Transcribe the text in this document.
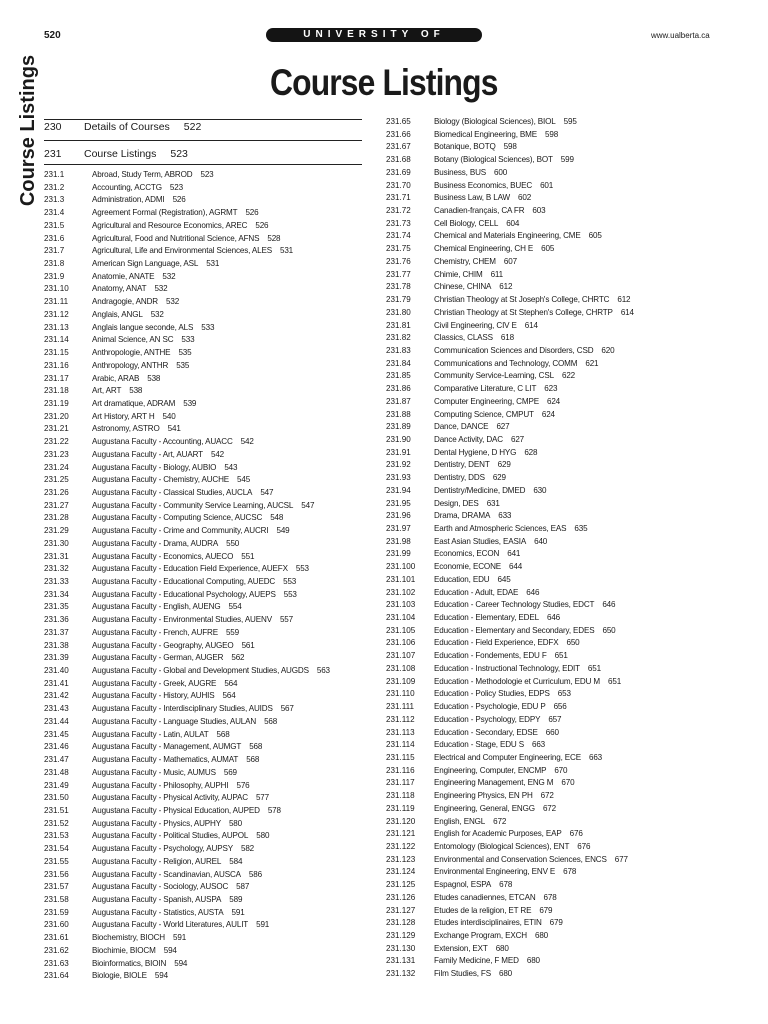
520	UNIVERSITY OF ALBERTA
www.ualberta.ca
Course Listings	Course Listings
230 Details of Courses 522
231 Course Listings 523
231.1	Abroad, Study Term, ABROD 523
231.2	Accounting, ACCTG 523
231.3	Administration, ADMI 526
231.4	Agreement Formal (Registration), AGRMT 526
231.5	Agricultural and Resource Economics, AREC 526
231.6	Agricultural, Food and Nutritional Science, AFNS 528
231.7	Agricultural, Life and Environmental Sciences, ALES 531
231.8	American Sign Language, ASL 531
231.9	Anatomie, ANATE 532
231.10	Anatomy, ANAT 532
231.11	Andragogie, ANDR 532
231.12	Anglais, ANGL 532
231.13	Anglais langue seconde, ALS 533
231.14	Animal Science, AN SC 533
231.15	Anthropologie, ANTHE 535
231.16	Anthropology, ANTHR 535
231.17	Arabic, ARAB 538
231.18	Art, ART 538
231.19	Art dramatique, ADRAM 539
231.20	Art History, ART H 540
231.21	Astronomy, ASTRO 541
231.22	Augustana Faculty - Accounting, AUACC 542
231.23	Augustana Faculty - Art, AUART 542
231.24	Augustana Faculty - Biology, AUBIO 543
231.25	Augustana Faculty - Chemistry, AUCHE 545
231.26	Augustana Faculty - Classical Studies, AUCLA 547
231.27	Augustana Faculty - Community Service Learning, AUCSL 547
231.28	Augustana Faculty - Computing Science, AUCSC 548
231.29	Augustana Faculty - Crime and Community, AUCRI 549
231.30	Augustana Faculty - Drama, AUDRA 550
231.31	Augustana Faculty - Economics, AUECO 551
231.32	Augustana Faculty - Education Field Experience, AUEFX 553
231.33	Augustana Faculty - Educational Computing, AUEDC 553
231.34	Augustana Faculty - Educational Psychology, AUEPS 553
231.35	Augustana Faculty - English, AUENG 554
231.36	Augustana Faculty - Environmental Studies, AUENV 557
231.37	Augustana Faculty - French, AUFRE 559
231.38	Augustana Faculty - Geography, AUGEO 561
231.39	Augustana Faculty - German, AUGER 562
231.40	Augustana Faculty - Global and Development Studies, AUGDS 563
231.41	Augustana Faculty - Greek, AUGRE 564
231.42	Augustana Faculty - History, AUHIS 564
231.43	Augustana Faculty - Interdisciplinary Studies, AUIDS 567
231.44	Augustana Faculty - Language Studies, AULAN 568
231.45	Augustana Faculty - Latin, AULAT 568
231.46	Augustana Faculty - Management, AUMGT 568
231.47	Augustana Faculty - Mathematics, AUMAT 568
231.48	Augustana Faculty - Music, AUMUS 569
231.49	Augustana Faculty - Philosophy, AUPHI 576
231.50	Augustana Faculty - Physical Activity, AUPAC 577
231.51	Augustana Faculty - Physical Education, AUPED 578
231.52	Augustana Faculty - Physics, AUPHY 580
231.53	Augustana Faculty - Political Studies, AUPOL 580
231.54	Augustana Faculty - Psychology, AUPSY 582
231.55	Augustana Faculty - Religion, AUREL 584
231.56	Augustana Faculty - Scandinavian, AUSCA 586
231.57	Augustana Faculty - Sociology, AUSOC 587
231.58	Augustana Faculty - Spanish, AUSPA 589
231.59	Augustana Faculty - Statistics, AUSTA 591
231.60	Augustana Faculty - World Literatures, AULIT 591
231.61	Biochemistry, BIOCH 591
231.62	Biochimie, BIOCM 594
231.63	Bioinformatics, BIOIN 594
231.64	Biologie, BIOLE 594
231.65	Biology (Biological Sciences), BIOL 595
231.66	Biomedical Engineering, BME 598
231.67	Botanique, BOTQ 598
231.68	Botany (Biological Sciences), BOT 599
231.69	Business, BUS 600
231.70	Business Economics, BUEC 601
231.71	Business Law, B LAW 602
231.72	Canadien-français, CA FR 603
231.73	Cell Biology, CELL 604
231.74	Chemical and Materials Engineering, CME 605
231.75	Chemical Engineering, CH E 605
231.76	Chemistry, CHEM 607
231.77	Chimie, CHIM 611
231.78	Chinese, CHINA 612
231.79	Christian Theology at St Joseph's College, CHRTC 612
231.80	Christian Theology at St Stephen's College, CHRTP 614
231.81	Civil Engineering, CIV E 614
231.82	Classics, CLASS 618
231.83	Communication Sciences and Disorders, CSD 620
231.84	Communications and Technology, COMM 621
231.85	Community Service-Learning, CSL 622
231.86	Comparative Literature, C LIT 623
231.87	Computer Engineering, CMPE 624
231.88	Computing Science, CMPUT 624
231.89	Dance, DANCE 627
231.90	Dance Activity, DAC 627
231.91	Dental Hygiene, D HYG 628
231.92	Dentistry, DENT 629
231.93	Dentistry, DDS 629
231.94	Dentistry/Medicine, DMED 630
231.95	Design, DES 631
231.96	Drama, DRAMA 633
231.97	Earth and Atmospheric Sciences, EAS 635
231.98	East Asian Studies, EASIA 640
231.99	Economics, ECON 641
231.100 Economie, ECONE 644
231.101 Education, EDU 645
231.102 Education - Adult, EDAE 646
231.103 Education - Career Technology Studies, EDCT 646
231.104 Education - Elementary, EDEL 646
231.105 Education - Elementary and Secondary, EDES 650
231.106 Education - Field Experience, EDFX 650
231.107 Education - Fondements, EDU F 651
231.108 Education - Instructional Technology, EDIT 651
231.109 Education - Methodologie et Curriculum, EDU M 651
231.110 Education - Policy Studies, EDPS 653
231.111 Education - Psychologie, EDU P 656
231.112 Education - Psychology, EDPY 657
231.113 Education - Secondary, EDSE 660
231.114 Education - Stage, EDU S 663
231.115 Electrical and Computer Engineering, ECE 663
231.116 Engineering, Computer, ENCMP 670
231.117 Engineering Management, ENG M 670
231.118 Engineering Physics, EN PH 672
231.119 Engineering, General, ENGG 672
231.120 English, ENGL 672
231.121 English for Academic Purposes, EAP 676
231.122 Entomology (Biological Sciences), ENT 676
231.123 Environmental and Conservation Sciences, ENCS 677
231.124 Environmental Engineering, ENV E 678
231.125 Espagnol, ESPA 678
231.126 Etudes canadiennes, ETCAN 678
231.127 Etudes de la religion, ET RE 679
231.128 Etudes interdisciplinaires, ETIN 679
231.129 Exchange Program, EXCH 680
231.130 Extension, EXT 680
231.131 Family Medicine, F MED 680
231.132 Film Studies, FS 680
